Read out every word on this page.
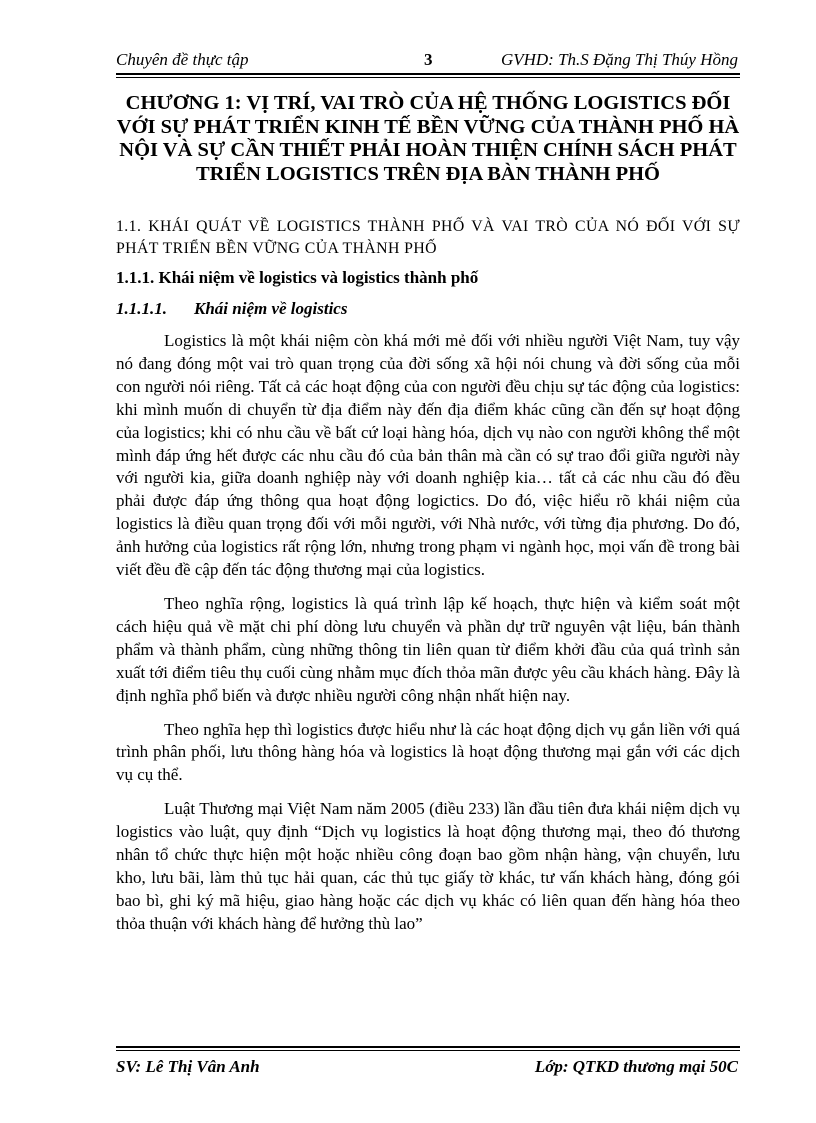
Chuyên đề thực tập	3	GVHD: Th.S Đặng Thị Thúy Hồng
CHƯƠNG 1: VỊ TRÍ, VAI TRÒ CỦA HỆ THỐNG LOGISTICS ĐỐI VỚI SỰ PHÁT TRIỂN KINH TẾ BỀN VỮNG CỦA THÀNH PHỐ HÀ NỘI VÀ SỰ CẦN THIẾT PHẢI HOÀN THIỆN CHÍNH SÁCH PHÁT TRIỂN LOGISTICS TRÊN ĐỊA BÀN THÀNH PHỐ
1.1. KHÁI QUÁT VỀ LOGISTICS THÀNH PHỐ VÀ VAI TRÒ CỦA NÓ ĐỐI VỚI SỰ PHÁT TRIỂN BỀN VỮNG CỦA THÀNH PHỐ
1.1.1. Khái niệm về logistics và logistics thành phố
1.1.1.1. Khái niệm về logistics

Logistics là một khái niệm còn khá mới mẻ đối với nhiều người Việt Nam, tuy vậy nó đang đóng một vai trò quan trọng của đời sống xã hội nói chung và đời sống của mỗi con người nói riêng. Tất cả các hoạt động của con người đều chịu sự tác động của logistics: khi mình muốn di chuyển từ địa điểm này đến địa điểm khác cũng cần đến sự hoạt động của logistics; khi có nhu cầu về bất cứ loại hàng hóa, dịch vụ nào con người không thể một mình đáp ứng hết được các nhu cầu đó của bản thân mà cần có sự trao đổi giữa người này với người kia, giữa doanh nghiệp này với doanh nghiệp kia… tất cả các nhu cầu đó đều phải được đáp ứng thông qua hoạt động logictics. Do đó, việc hiểu rõ khái niệm của logistics là điều quan trọng đối với mỗi người, với Nhà nước, với từng địa phương. Do đó, ảnh hưởng của logistics rất rộng lớn, nhưng trong phạm vi ngành học, mọi vấn đề trong bài viết đều đề cập đến tác động thương mại của logistics.

Theo nghĩa rộng, logistics là quá trình lập kế hoạch, thực hiện và kiểm soát một cách hiệu quả về mặt chi phí dòng lưu chuyển và phần dự trữ nguyên vật liệu, bán thành phẩm và thành phẩm, cùng những thông tin liên quan từ điểm khởi đầu của quá trình sản xuất tới điểm tiêu thụ cuối cùng nhằm mục đích thỏa mãn được yêu cầu khách hàng. Đây là định nghĩa phổ biến và được nhiều người công nhận nhất hiện nay.

Theo nghĩa hẹp thì logistics được hiểu như là các hoạt động dịch vụ gắn liền với quá trình phân phối, lưu thông hàng hóa và logistics là hoạt động thương mại gắn với các dịch vụ cụ thể.

Luật Thương mại Việt Nam năm 2005 (điều 233) lần đầu tiên đưa khái niệm dịch vụ logistics vào luật, quy định “Dịch vụ logistics là hoạt động thương mại, theo đó thương nhân tổ chức thực hiện một hoặc nhiều công đoạn bao gồm nhận hàng, vận chuyển, lưu kho, lưu bãi, làm thủ tục hải quan, các thủ tục giấy tờ khác, tư vấn khách hàng, đóng gói bao bì, ghi ký mã hiệu, giao hàng hoặc các dịch vụ khác có liên quan đến hàng hóa theo thỏa thuận với khách hàng để hưởng thù lao”

SV: Lê Thị Vân Anh	Lớp: QTKD thương mại 50C
